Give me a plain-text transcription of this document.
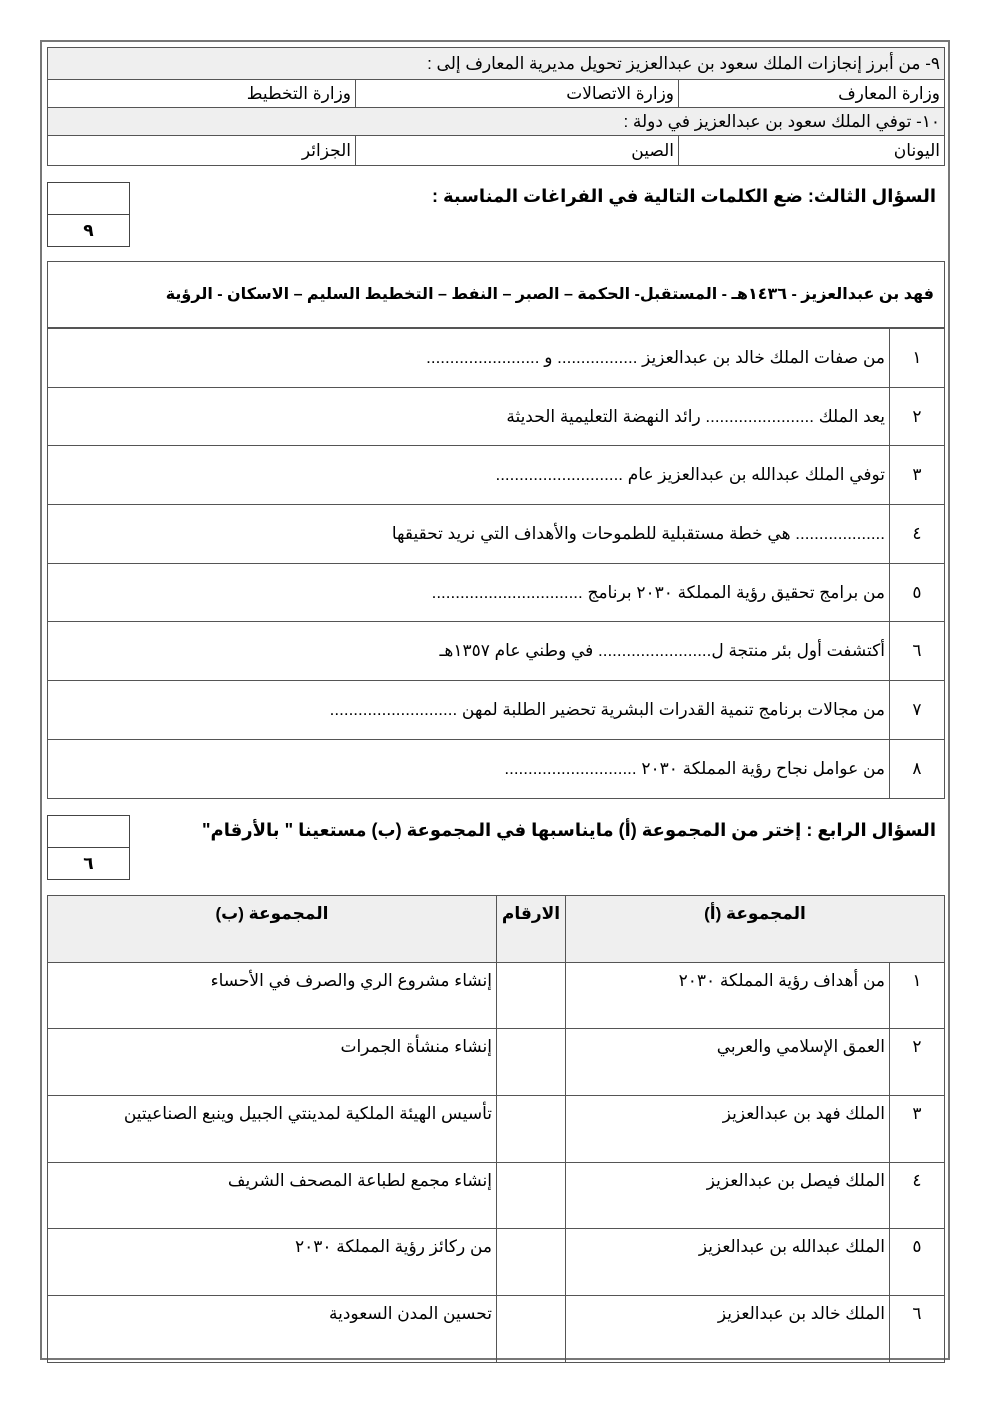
٩- من أبرز إنجازات الملك سعود بن عبدالعزيز تحويل مديرية المعارف إلى :		
وزارة المعارف	وزارة الاتصالات	وزارة التخطيط
١٠- توفي الملك سعود بن عبدالعزيز في دولة :		
اليونان	الصين	الجزائر
السؤال الثالث: ضع الكلمات التالية في الفراغات المناسبة :
٩
فهد بن عبدالعزيز - ١٤٣٦هـ - المستقبل- الحكمة – الصبر – النفط – التخطيط السليم – الاسكان - الرؤية
١	من صفات الملك خالد بن عبدالعزيز ................. و ........................
٢	يعد الملك ....................... رائد النهضة التعليمية الحديثة
٣	توفي الملك عبدالله بن عبدالعزيز عام ...........................
٤	................... هي خطة مستقبلية للطموحات والأهداف التي نريد تحقيقها
٥	من برامج تحقيق رؤية المملكة ٢٠٣٠ برنامج ................................
٦	أكتشفت أول بئر منتجة ل........................ في وطني عام ١٣٥٧هـ
٧	من مجالات برنامج تنمية القدرات البشرية تحضير الطلبة لمهن ...........................
٨	من عوامل نجاح رؤية المملكة ٢٠٣٠ ............................
السؤال الرابع : إختر من المجموعة (أ) مايناسبها في المجموعة (ب) مستعينا " بالأرقام"
٦
المجموعة (أ)		الارقام	المجموعة (ب)
١	من أهداف رؤية المملكة ٢٠٣٠		إنشاء مشروع الري والصرف في الأحساء
٢	العمق الإسلامي والعربي		إنشاء منشأة الجمرات
٣	الملك فهد بن عبدالعزيز		تأسيس الهيئة الملكية لمدينتي الجبيل وينبع الصناعيتين
٤	الملك فيصل بن عبدالعزيز		إنشاء مجمع لطباعة المصحف الشريف
٥	الملك عبدالله بن عبدالعزيز		من ركائز رؤية المملكة ٢٠٣٠
٦	الملك خالد بن عبدالعزيز		تحسين المدن السعودية
